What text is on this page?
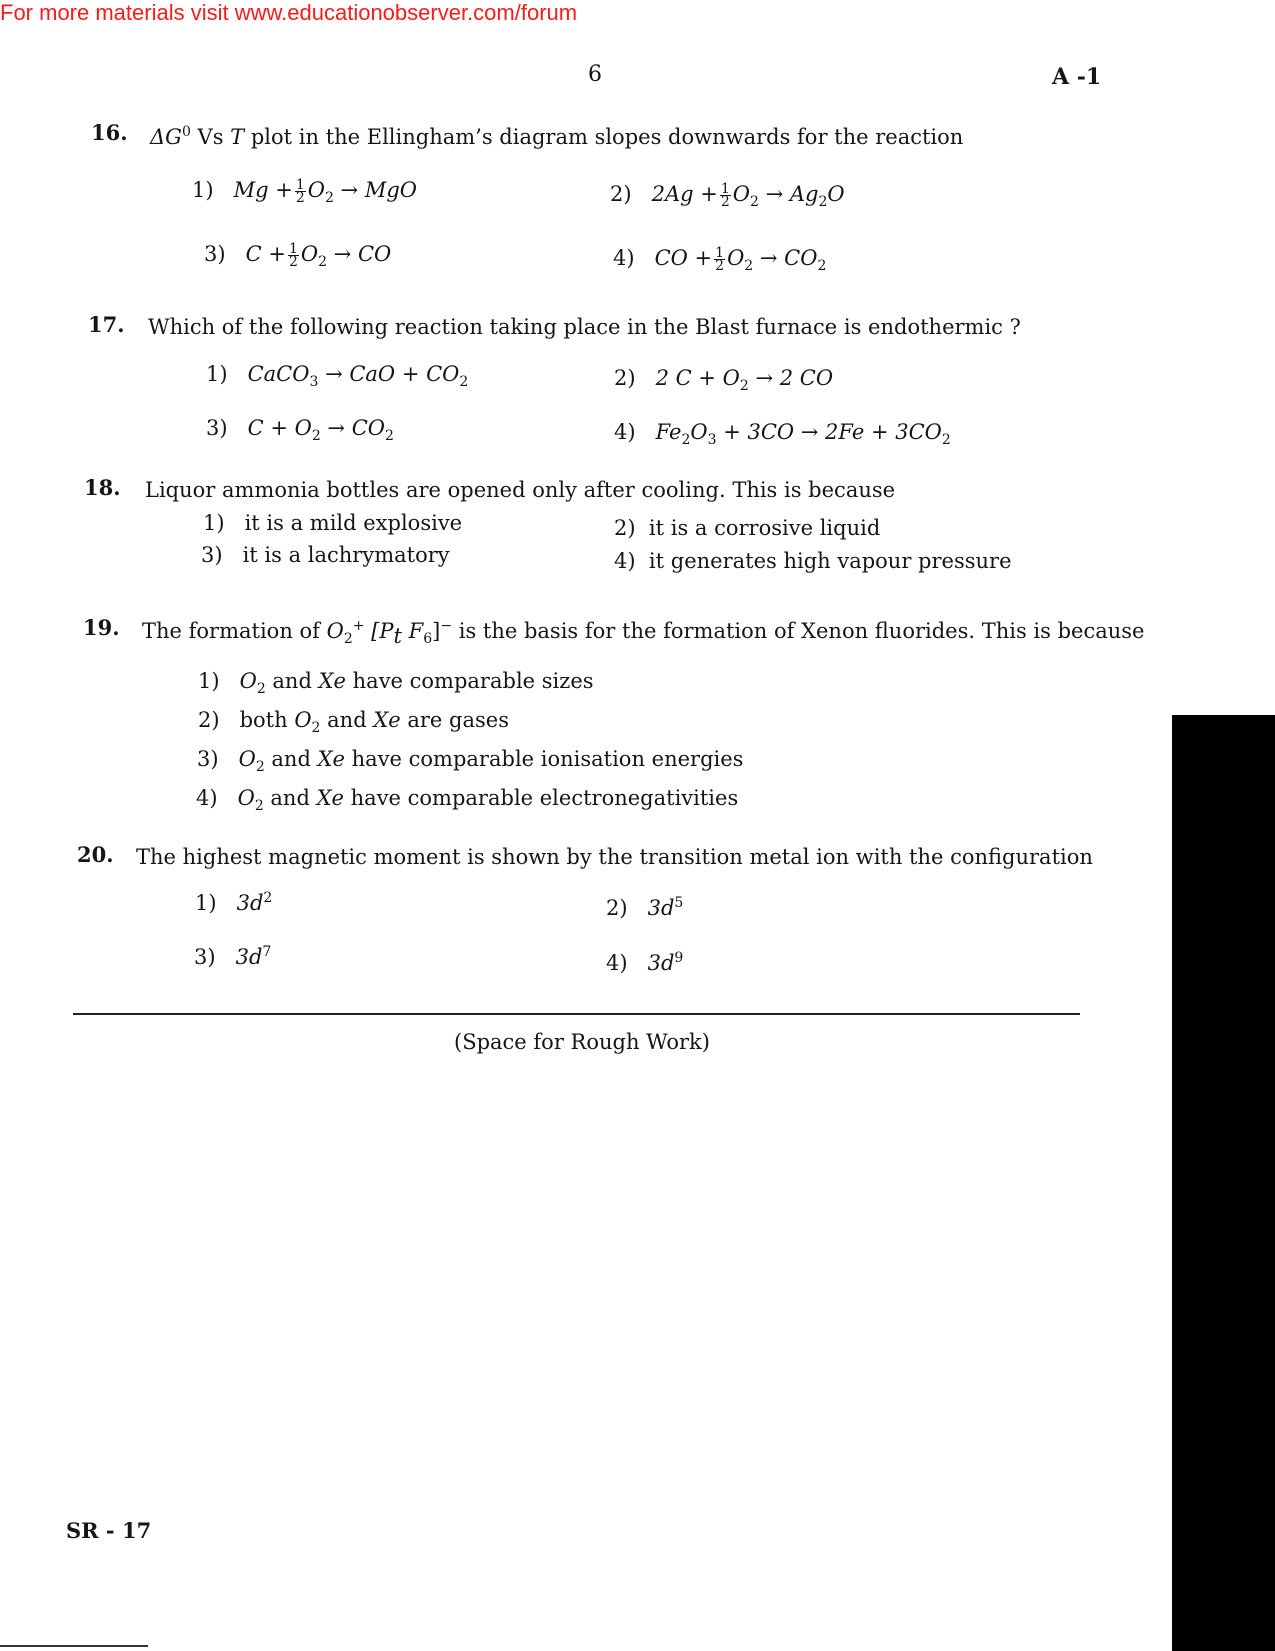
For more materials visit www.educationobserver.com/forum
6	A -1
16. $\Delta G^0$ Vs T plot in the Ellingham’s diagram slopes downwards for the reaction
1) $Mg + \frac{1}{2} O_2$ → MgO	2) $2Ag + \frac{1}{2} O_2 \to Ag_2O$
3) $C + \frac{1}{2} O_2$ → CO	4) CO + $\frac{1}{2} O_2 \to CO_2$
17. Which of the following reaction taking place in the Blast furnace is endothermic ?
1) CaCO$_3$ → CaO + $CO_2$	2) 2 $C + O_2 \to 2$ CO
3) $C + O_2 \to CO_2$	4) $Fe_2O_3 + 3CO \to 2Fe + 3CO_2$
18. Liquor ammonia bottles are opened only after cooling. This is because
1) it is a mild explosive	2) it is a corrosive liquid
3) it is a lachrymatory	4) it generates high vapour pressure
19. The formation of $O_2^+$ [$P_t$ $F_6]^-$ is the basis for the formation of Xenon fluorides. This is because
1) $O_2$ and Xe have comparable sizes
2) both $O_2$ and Xe are gases
3) $O_2$ and Xe have comparable ionisation energies
4) $O_2$ and Xe have comparable electronegativities
20. The highest magnetic moment is shown by the transition metal ion with the configuration
1) $3d^2$	2) $3d^5$
3) $3d^7$	4) $3d^9$
(Space for Rough Work)
SR - 17
